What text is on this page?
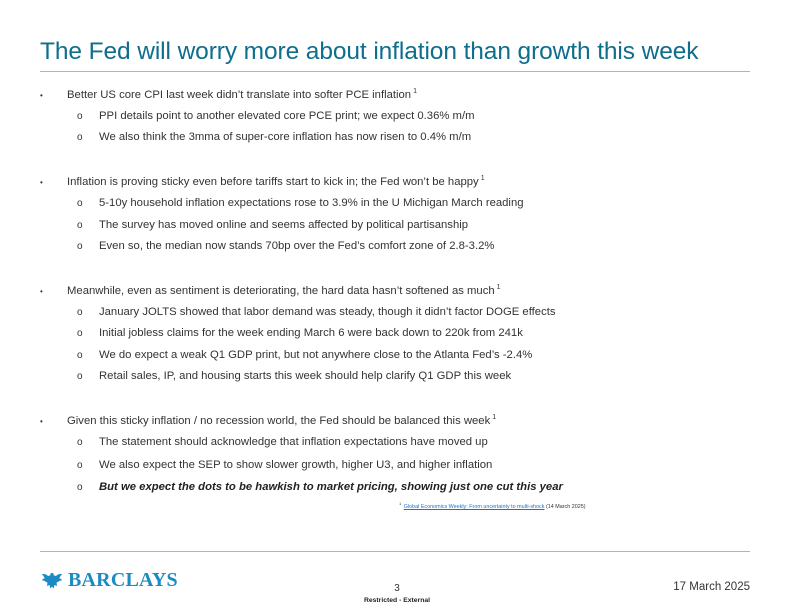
The Fed will worry more about inflation than growth this week
• Better US core CPI last week didn’t translate into softer PCE inflation $^1$
o PPI details point to another elevated core PCE print; we expect 0.36% m/m
o We also think the 3mma of super-core inflation has now risen to 0.4% m/m
• Inflation is proving sticky even before tariffs start to kick in; the Fed won’t be happy $^1$
o 5-10y household inflation expectations rose to 3.9% in the U Michigan March reading
o The survey has moved online and seems affected by political partisanship
o Even so, the median now stands 70bp over the Fed’s comfort zone of 2.8-3.2%
• Meanwhile, even as sentiment is deteriorating, the hard data hasn’t softened as much $^1$
o January JOLTS showed that labor demand was steady, though it didn’t factor DOGE effects
o Initial jobless claims for the week ending March 6 were back down to 220k from 241k
o We do expect a weak Q1 GDP print, but not anywhere close to the Atlanta Fed’s -2.4%
o Retail sales, IP, and housing starts this week should help clarify Q1 GDP this week
• Given this sticky inflation / no recession world, the Fed should be balanced this week $^1$
o The statement should acknowledge that inflation expectations have moved up
o We also expect the SEP to show slower growth, higher U3, and higher inflation
o But we expect the dots to be hawkish to market pricing, showing just one cut this year
$^1$ Global Economics Weekly: From uncertainty to multi-shock (14 March 2025)
BARCLAYS	3
Restricted - External
17 March 2025
